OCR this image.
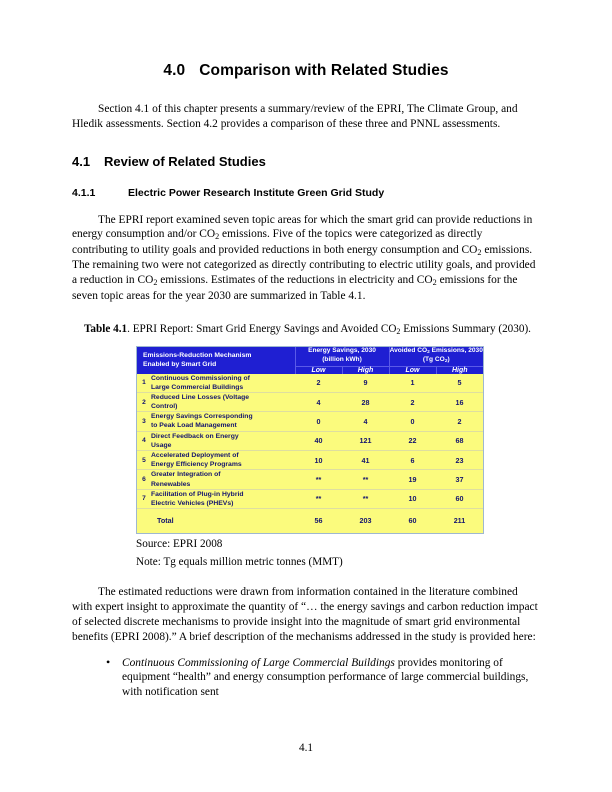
4.0 Comparison with Related Studies

Section 4.1 of this chapter presents a summary/review of the EPRI, The Climate Group, and Hledik assessments. Section 4.2 provides a comparison of these three and PNNL assessments.

4.1 Review of Related Studies
4.1.1	Electric Power Research Institute Green Grid Study

The EPRI report examined seven topic areas for which the smart grid can provide reductions in energy consumption and/or $CO_2$ emissions. Five of the topics were categorized as directly contributing to utility goals and provided reductions in both energy consumption and $CO_2$ emissions. The remaining two were not categorized as directly contributing to electric utility goals, and provided a reduction in $CO_2$ emissions. Estimates of the reductions in electricity and $CO_2$ emissions for the seven topic areas for the year 2030 are summarized in Table 4.1.

Table 4.1. EPRI Report: Smart Grid Energy Savings and Avoided $CO_2$ Emissions Summary (2030).

Emissions-Reduction Mechanism
Enabled by Smart Grid

Energy Savings, 2030
(billion kWh)

Avoided $CO_2$ Emissions, 2030
(Tg $CO_2$)

		Low	High	Low	High
1	Continuous Commissioning of
Large Commercial Buildings	2	9	1	5
2	Reduced Line Losses (Voltage
Control)	4	28	2	16
3	Energy Savings Corresponding
to Peak Load Management	0	4	0	2
4	Direct Feedback on Energy
Usage	40	121	22	68
5	Accelerated Deployment of
Energy Efficiency Programs	10	41	6	23
6	Greater Integration of
Renewables	**	**	19	37
7	Facilitation of Plug-in Hybrid
Electric Vehicles (PHEVs)	**	**	10	60
	Total	56	203	60	211
Source: EPRI 2008
Note: Tg equals million metric tonnes (MMT)

The estimated reductions were drawn from information contained in the literature combined with expert insight to approximate the quantity of “… the energy savings and carbon reduction impact of selected discrete mechanisms to provide insight into the magnitude of smart grid environmental benefits (EPRI 2008).” A brief description of the mechanisms addressed in the study is provided here:

• Continuous Commissioning of Large Commercial Buildings provides monitoring of equipment “health” and energy consumption performance of large commercial buildings, with notification sent
4.1
